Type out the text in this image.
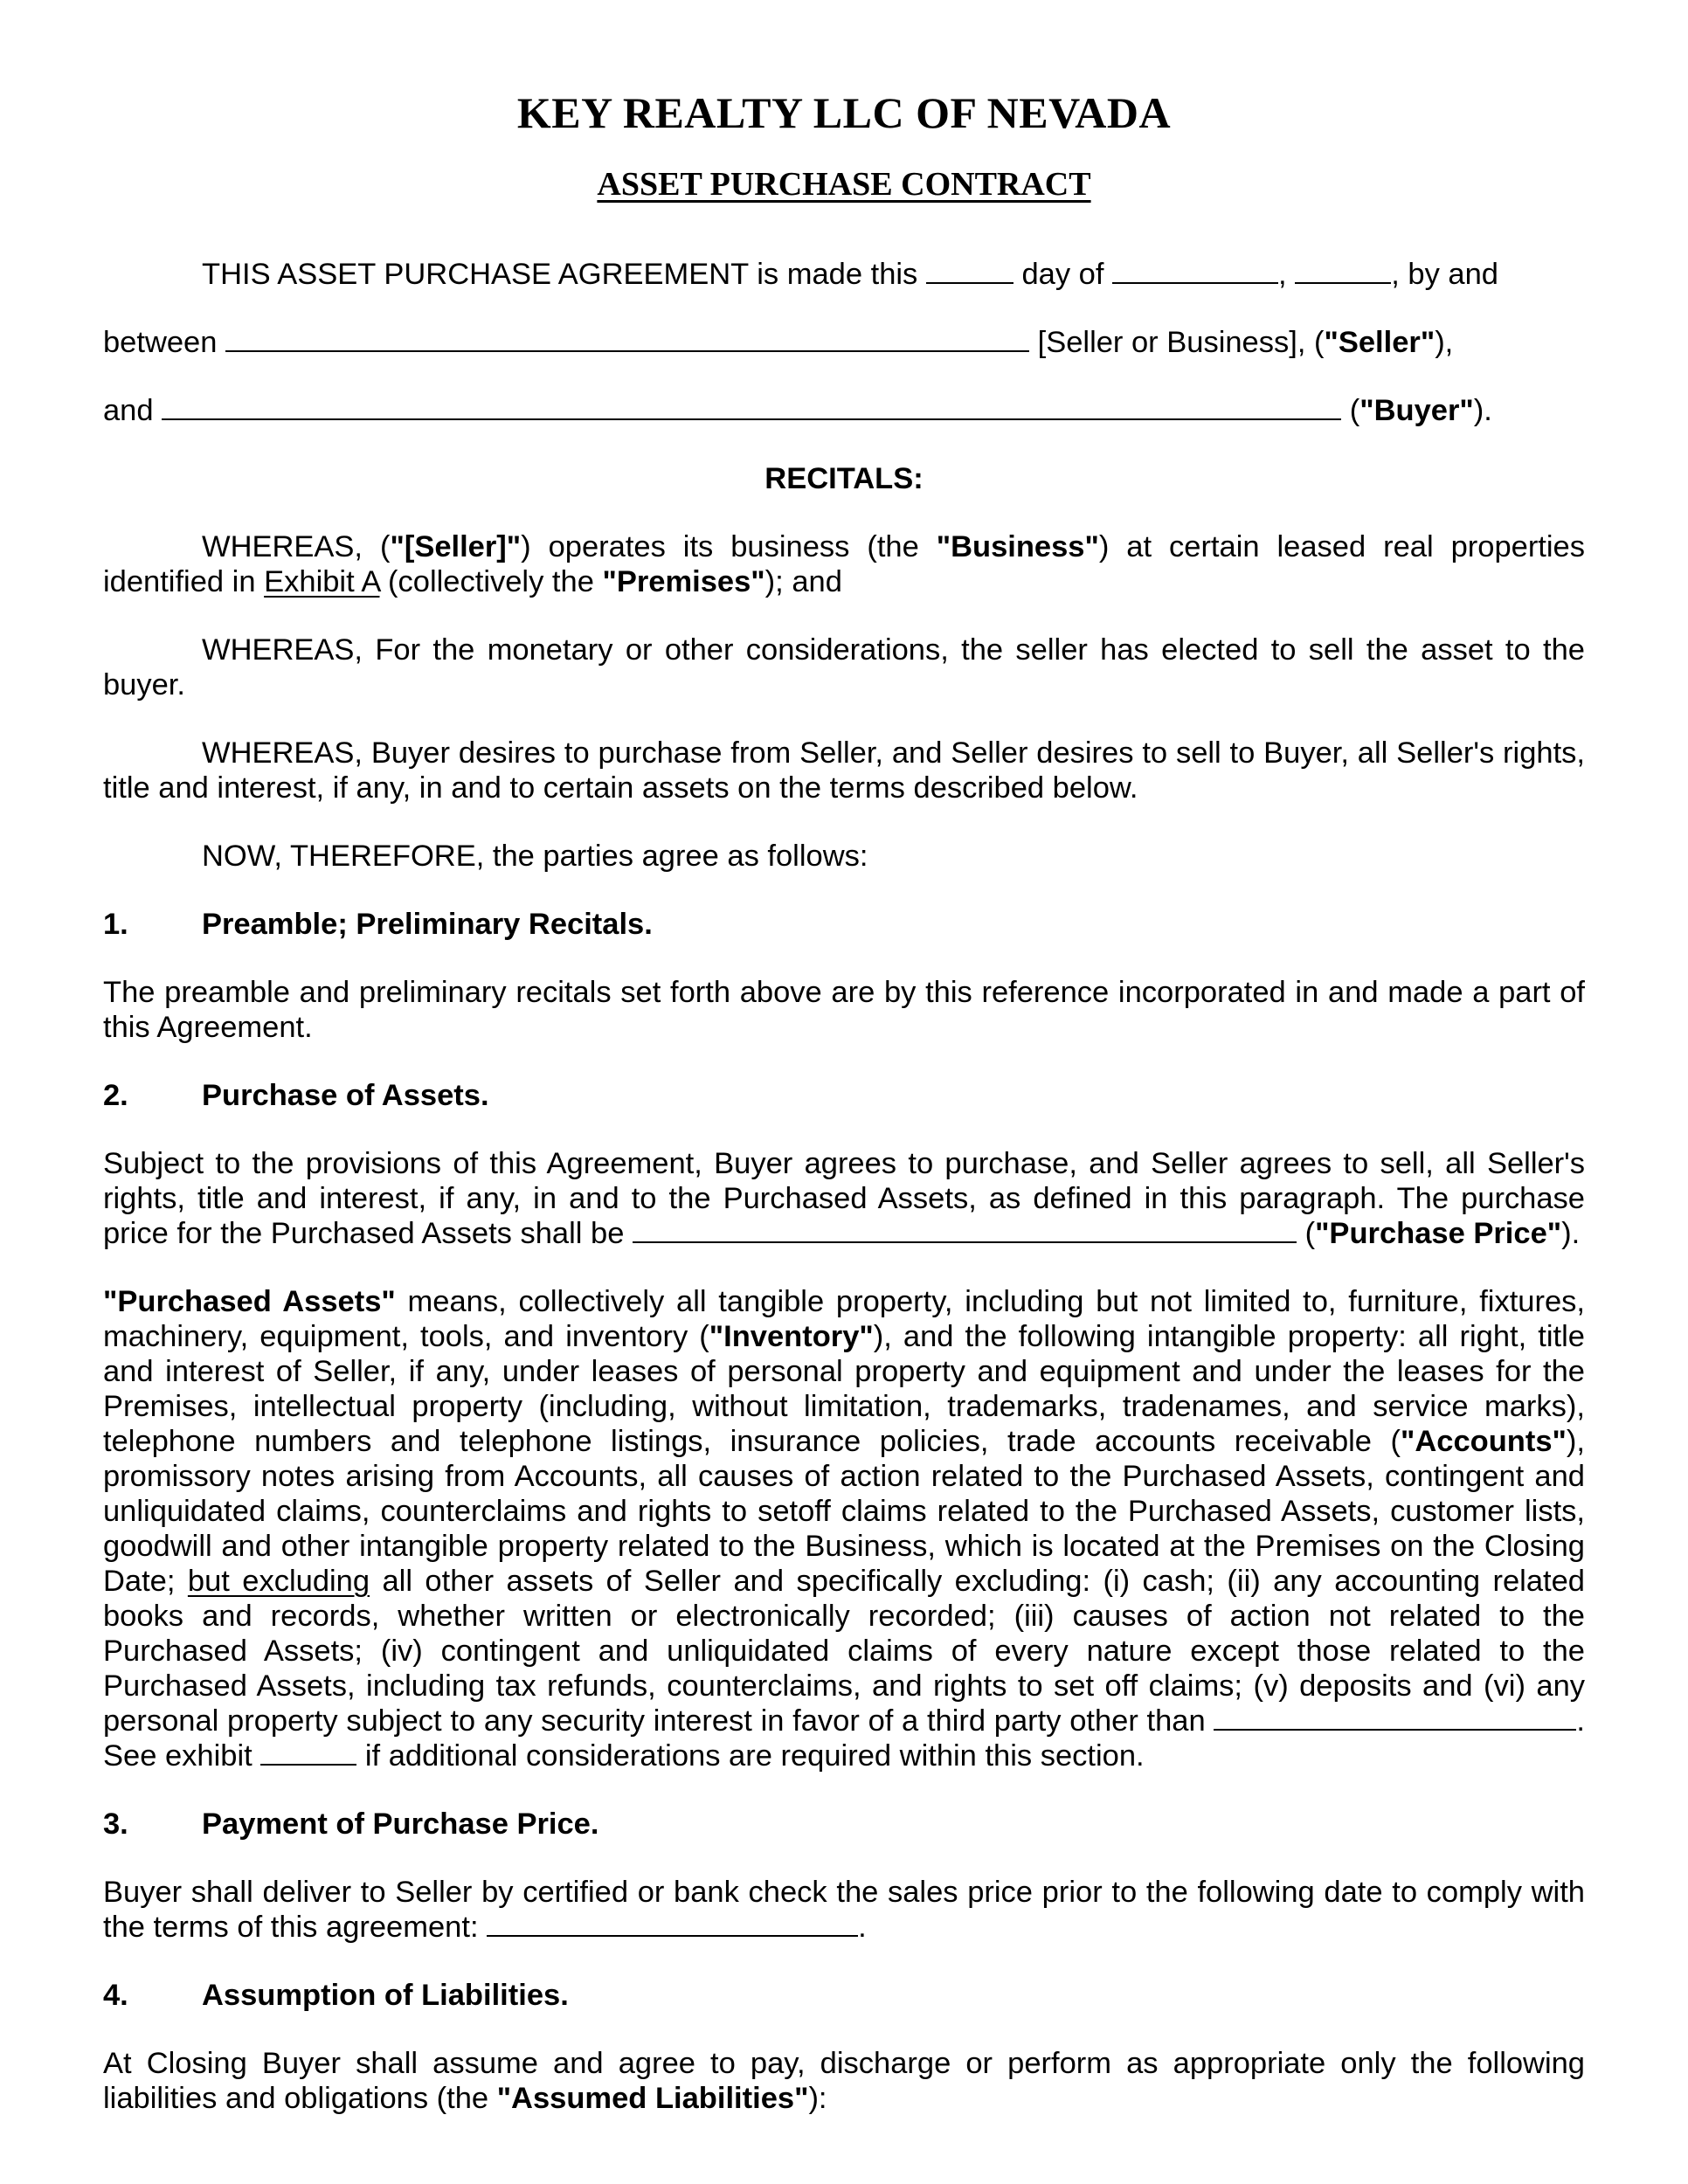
KEY REALTY LLC OF NEVADA
ASSET PURCHASE CONTRACT
THIS ASSET PURCHASE AGREEMENT is made this	day of	,	, by and
between	[Seller or Business], ("Seller"),
and	("Buyer").

RECITALS:

WHEREAS, ("[Seller]") operates its business (the "Business") at certain leased real properties identified in Exhibit A (collectively the "Premises"); and

WHEREAS, For the monetary or other considerations, the seller has elected to sell the asset to the buyer.

WHEREAS, Buyer desires to purchase from Seller, and Seller desires to sell to Buyer, all Seller's rights, title and interest, if any, in and to certain assets on the terms described below.

NOW, THEREFORE, the parties agree as follows:

1. Preamble; Preliminary Recitals.

The preamble and preliminary recitals set forth above are by this reference incorporated in and made a part of this Agreement.

2. Purchase of Assets.

Subject to the provisions of this Agreement, Buyer agrees to purchase, and Seller agrees to sell, all Seller's rights, title and interest, if any, in and to the Purchased Assets, as defined in this paragraph. The purchase price for the Purchased Assets shall be	("Purchase Price").

"Purchased Assets" means, collectively all tangible property, including but not limited to, furniture, fixtures, machinery, equipment, tools, and inventory ("Inventory"), and the following intangible property: all right, title and interest of Seller, if any, under leases of personal property and equipment and under the leases for the Premises, intellectual property (including, without limitation, trademarks, tradenames, and service marks), telephone numbers and telephone listings, insurance policies, trade accounts receivable ("Accounts"), promissory notes arising from Accounts, all causes of action related to the Purchased Assets, contingent and unliquidated claims, counterclaims and rights to setoff claims related to the Purchased Assets, customer lists, goodwill and other intangible property related to the Business, which is located at the Premises on the Closing Date; but excluding all other assets of Seller and specifically excluding: (i) cash; (ii) any accounting related books and records, whether written or electronically recorded; (iii) causes of action not related to the Purchased Assets; (iv) contingent and unliquidated claims of every nature except those related to the Purchased Assets, including tax refunds, counterclaims, and rights to set off claims; (v) deposits and (vi) any personal property subject to any security interest in favor of a third party other than	. See exhibit	if additional considerations are required within this section.

3. Payment of Purchase Price.

Buyer shall deliver to Seller by certified or bank check the sales price prior to the following date to comply with the terms of this agreement:	.

4. Assumption of Liabilities.

At Closing Buyer shall assume and agree to pay, discharge or perform as appropriate only the following liabilities and obligations (the "Assumed Liabilities"):
